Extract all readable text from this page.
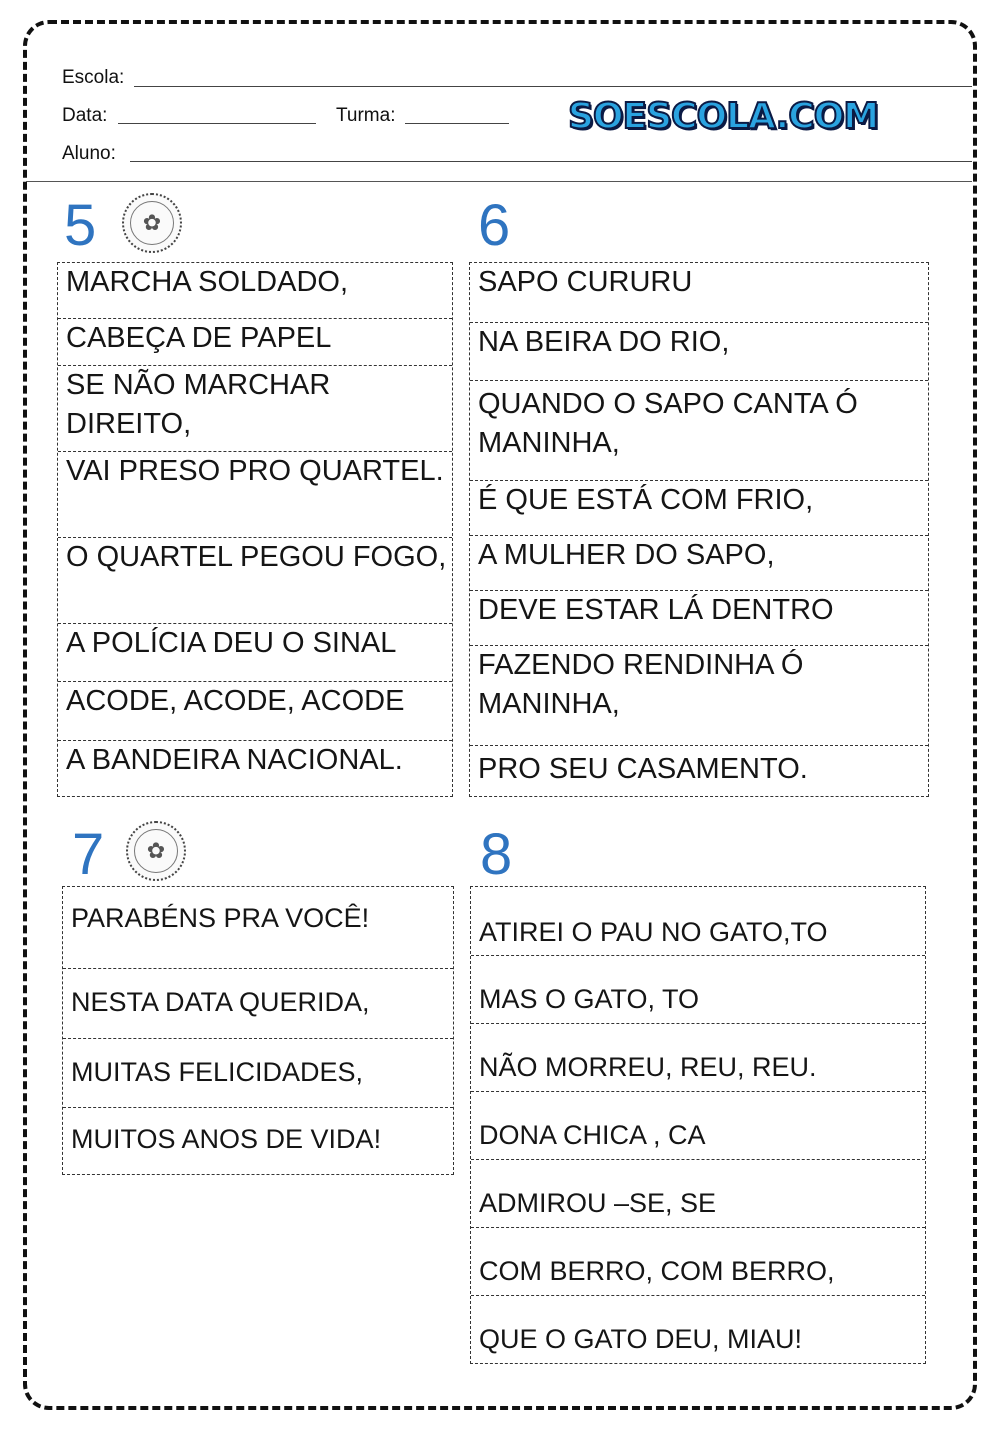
Escola:
Data:	Turma:	SOESCOLA.COM
Aluno:
5	✿
MARCHA SOLDADO,
CABEÇA DE PAPEL
SE NÃO MARCHAR DIREITO,
VAI PRESO PRO QUARTEL.
O QUARTEL PEGOU FOGO,
A POLÍCIA DEU O SINAL
ACODE, ACODE, ACODE
A BANDEIRA NACIONAL.
6
SAPO CURURU
NA BEIRA DO RIO,
QUANDO O SAPO CANTA Ó MANINHA,
É QUE ESTÁ COM FRIO,
A MULHER DO SAPO,
DEVE ESTAR LÁ DENTRO
FAZENDO RENDINHA Ó MANINHA,
PRO SEU CASAMENTO.
7	✿
PARABÉNS PRA VOCÊ!
NESTA DATA QUERIDA,
MUITAS FELICIDADES,
MUITOS ANOS DE VIDA!
8
ATIREI O PAU NO GATO,TO
MAS O GATO, TO
NÃO MORREU, REU, REU.
DONA CHICA , CA
ADMIROU –SE, SE
COM BERRO, COM BERRO,
QUE O GATO DEU, MIAU!
